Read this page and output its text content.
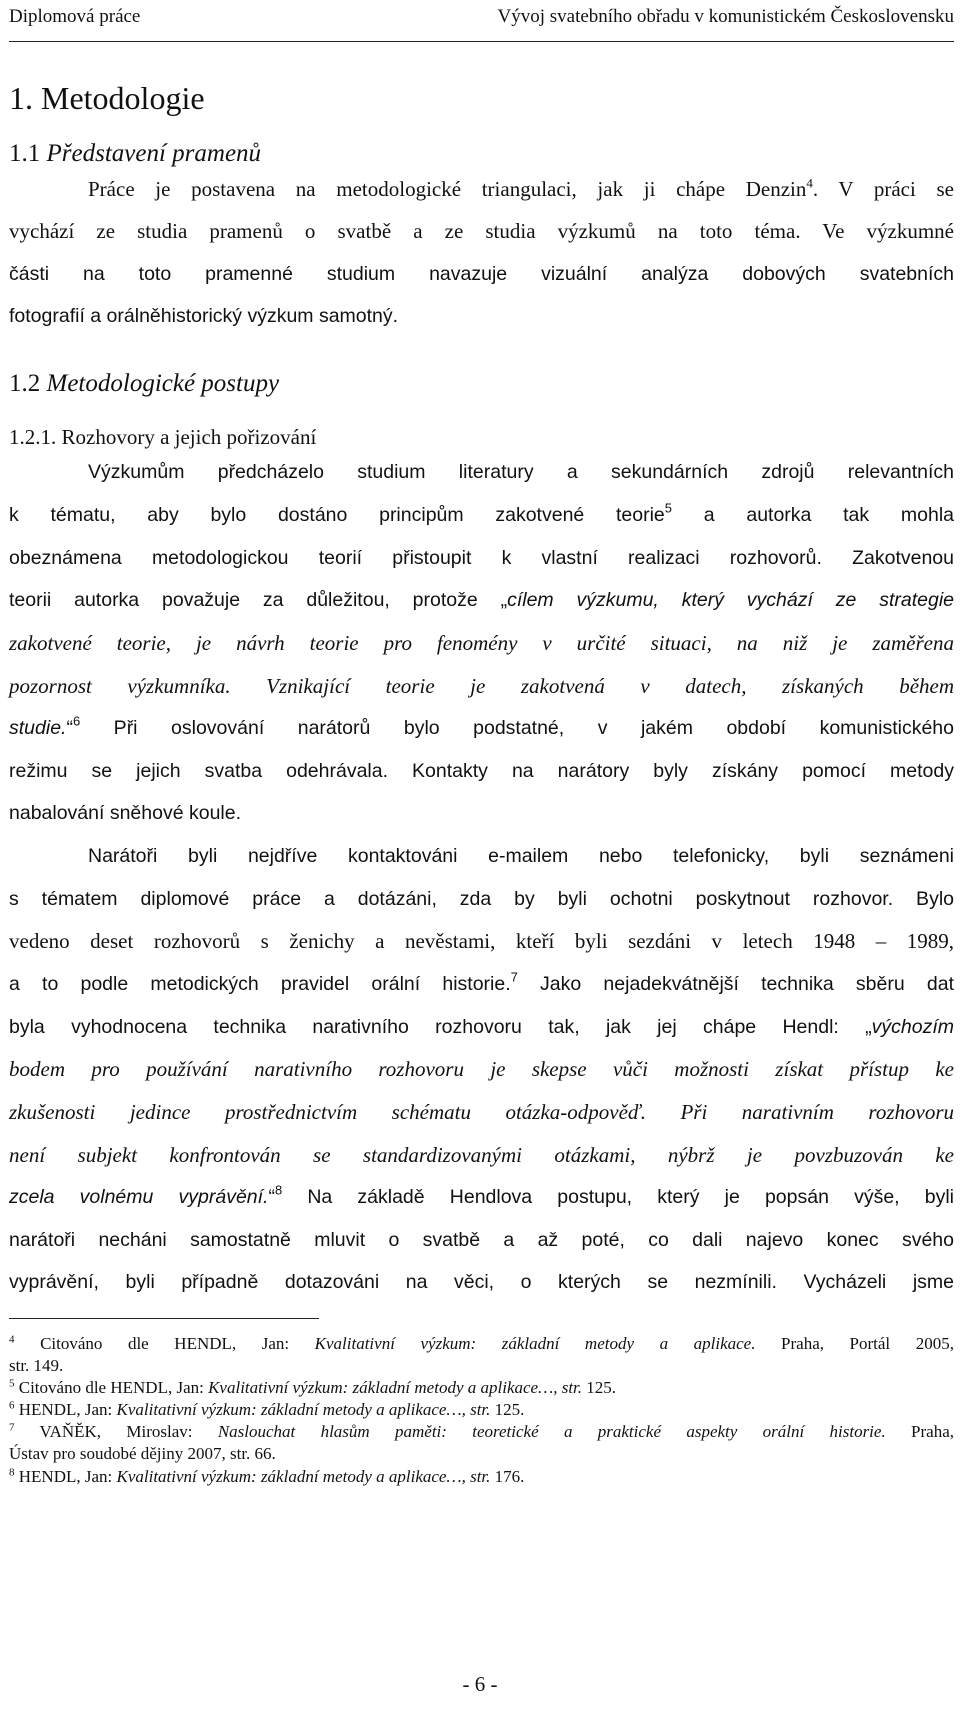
Diplomová práce	Vývoj svatebního obřadu v komunistickém Československu
1. Metodologie
1.1 Představení pramenů
Práce je postavena na metodologické triangulaci, jak ji chápe Denzin$^4$. V práci se
vychází ze studia pramenů o svatbě a ze studia výzkumů na toto téma. Ve výzkumné
části na toto pramenné studium navazuje vizuální analýza dobových svatebních
fotografií a orálněhistorický výzkum samotný.
1.2 Metodologické postupy
1.2.1. Rozhovory a jejich pořizování
Výzkumům předcházelo studium literatury a sekundárních zdrojů relevantních
k tématu, aby bylo dostáno principům zakotvené teorie$^5$ a autorka tak mohla
obeznámena metodologickou teorií přistoupit k vlastní realizaci rozhovorů. Zakotvenou
teorii autorka považuje za důležitou, protože „cílem výzkumu, který vychází ze strategie
zakotvené teorie, je návrh teorie pro fenomény v určité situaci, na niž je zaměřena
pozornost výzkumníka. Vznikající teorie je zakotvená v datech, získaných během
studie.“$^6$ Při oslovování narátorů bylo podstatné, v jakém období komunistického
režimu se jejich svatba odehrávala. Kontakty na narátory byly získány pomocí metody
nabalování sněhové koule.
Narátoři byli nejdříve kontaktováni e-mailem nebo telefonicky, byli seznámeni
s tématem diplomové práce a dotázáni, zda by byli ochotni poskytnout rozhovor. Bylo
vedeno deset rozhovorů s ženichy a nevěstami, kteří byli sezdáni v letech 1948 – 1989,
a to podle metodických pravidel orální historie.$^7$ Jako nejadekvátnější technika sběru dat
byla vyhodnocena technika narativního rozhovoru tak, jak jej chápe Hendl: „výchozím
bodem pro používání narativního rozhovoru je skepse vůči možnosti získat přístup ke
zkušenosti jedince prostřednictvím schématu otázka-odpověď. Při narativním rozhovoru
není subjekt konfrontován se standardizovanými otázkami, nýbrž je povzbuzován ke
zcela volnému vyprávění.“$^8$ Na základě Hendlova postupu, který je popsán výše, byli
narátoři necháni samostatně mluvit o svatbě a až poté, co dali najevo konec svého
vyprávění, byli případně dotazováni na věci, o kterých se nezmínili. Vycházeli jsme
$^4$ Citováno dle HENDL, Jan: Kvalitativní výzkum: základní metody a aplikace. Praha, Portál 2005,
str. 149.
$^5$ Citováno dle HENDL, Jan: Kvalitativní výzkum: základní metody a aplikace…, str. 125.
$^6$ HENDL, Jan: Kvalitativní výzkum: základní metody a aplikace…, str. 125.
$^7$ VAŇĚK, Miroslav: Naslouchat hlasům paměti: teoretické a praktické aspekty orální historie. Praha,
Ústav pro soudobé dějiny 2007, str. 66.
$^8$ HENDL, Jan: Kvalitativní výzkum: základní metody a aplikace…, str. 176.
- 6 -
